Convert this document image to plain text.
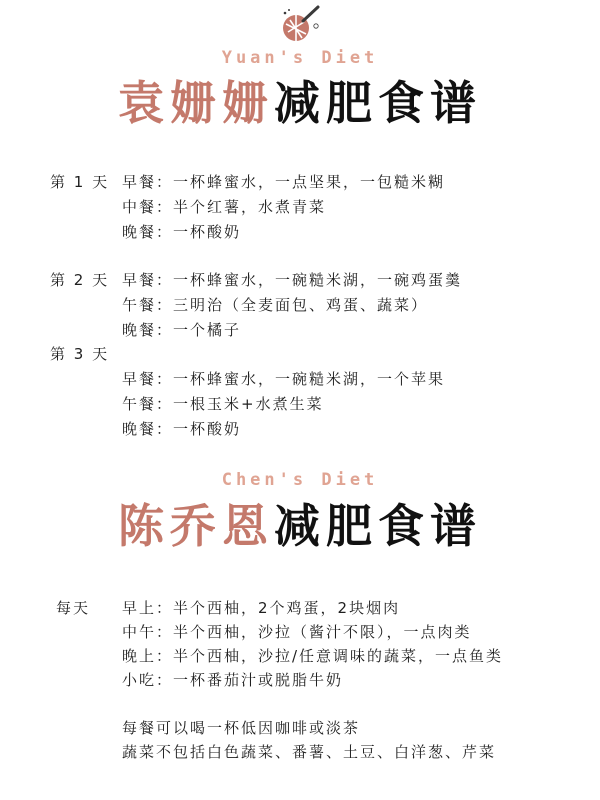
Yuan's Diet
袁姗姗减肥食谱
第 1 天 早餐：一杯蜂蜜水，一点坚果，一包糙米糊
中餐：半个红薯，水煮青菜
晚餐：一杯酸奶
第 2 天 早餐：一杯蜂蜜水，一碗糙米湖，一碗鸡蛋羹
午餐：三明治（全麦面包、鸡蛋、蔬菜）
晚餐：一个橘子
第 3 天
早餐：一杯蜂蜜水，一碗糙米湖，一个苹果
午餐：一根玉米+水煮生菜
晚餐：一杯酸奶
Chen's Diet
陈乔恩减肥食谱
每天 早上：半个西柚，2个鸡蛋，2块烟肉
中午：半个西柚，沙拉（酱汁不限），一点肉类
晚上：半个西柚，沙拉/任意调味的蔬菜，一点鱼类
小吃：一杯番茄汁或脱脂牛奶
每餐可以喝一杯低因咖啡或淡茶
蔬菜不包括白色蔬菜、番薯、土豆、白洋葱、芹菜
